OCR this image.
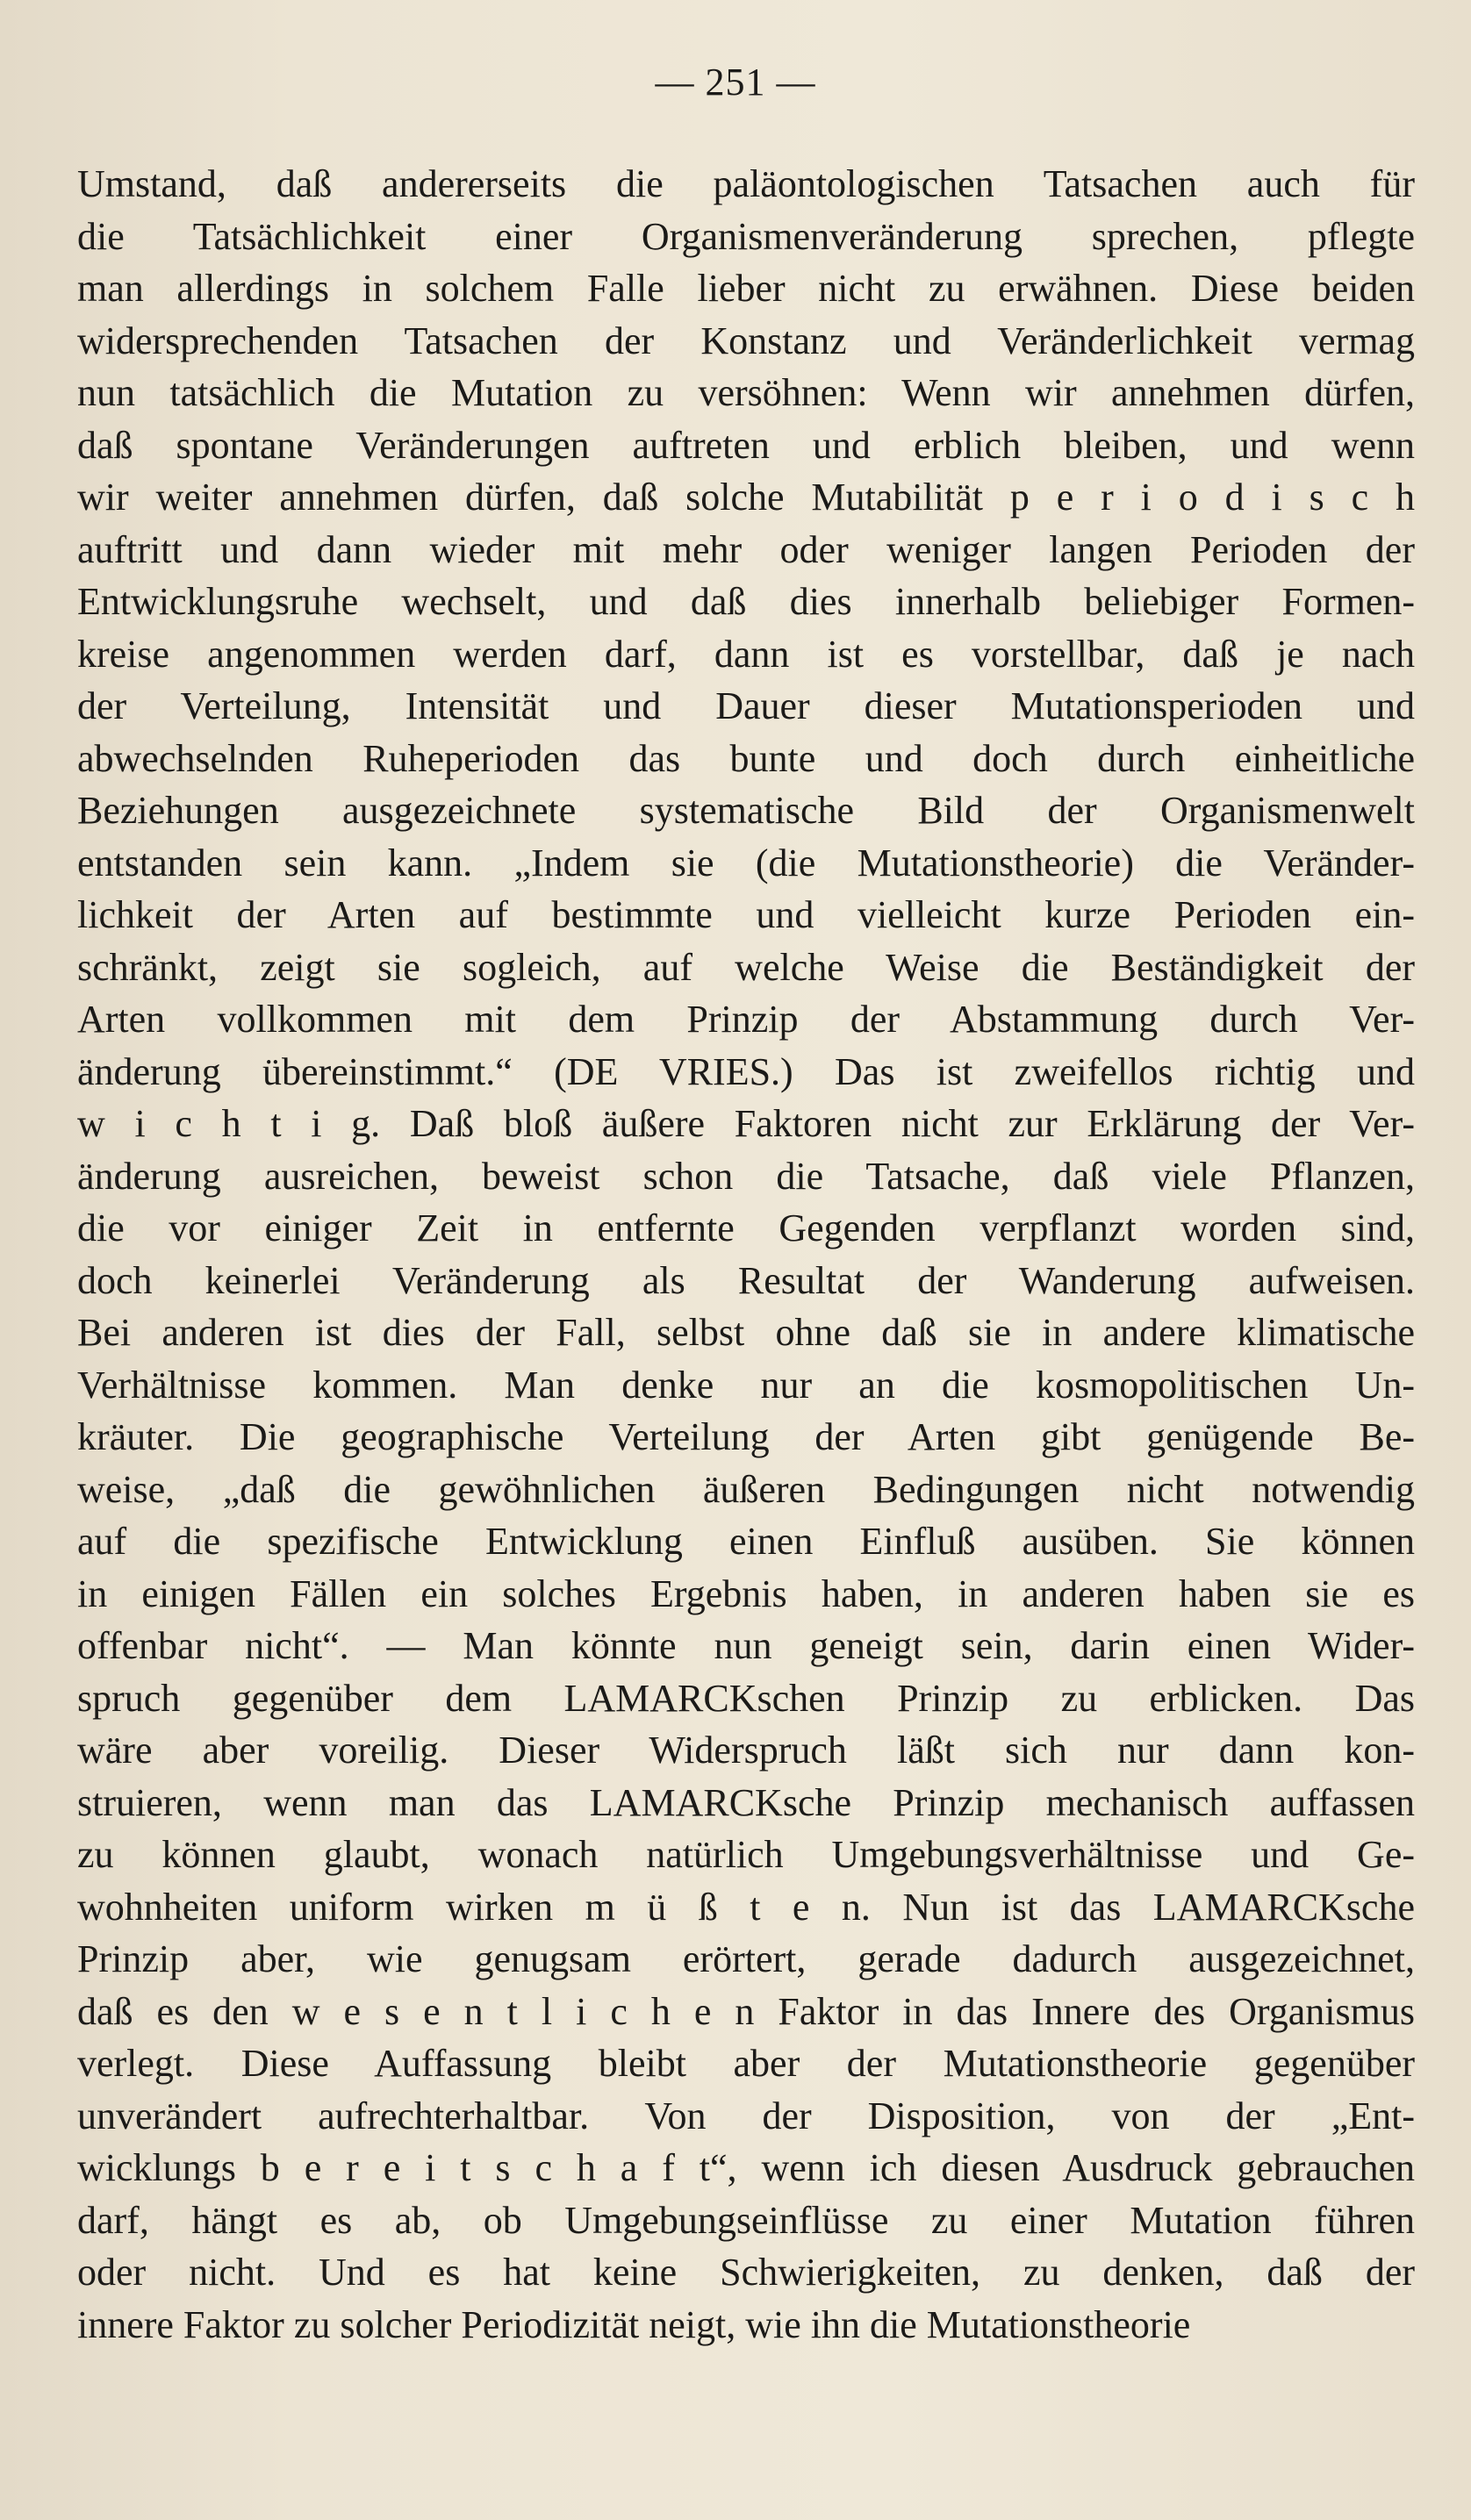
— 251 —
Umstand, daß andererseits die paläontologischen Tatsachen auch für
die Tatsächlichkeit einer Organismenveränderung sprechen, pflegte
man allerdings in solchem Falle lieber nicht zu erwähnen. Diese beiden
widersprechenden Tatsachen der Konstanz und Veränderlichkeit vermag
nun tatsächlich die Mutation zu versöhnen: Wenn wir annehmen dürfen,
daß spontane Veränderungen auftreten und erblich bleiben, und wenn
wir weiter annehmen dürfen, daß solche Mutabilität p e r i o d i s c h
auftritt und dann wieder mit mehr oder weniger langen Perioden der
Entwicklungsruhe wechselt, und daß dies innerhalb beliebiger Formen-
kreise angenommen werden darf, dann ist es vorstellbar, daß je nach
der Verteilung, Intensität und Dauer dieser Mutationsperioden und
abwechselnden Ruheperioden das bunte und doch durch einheitliche
Beziehungen ausgezeichnete systematische Bild der Organismenwelt
entstanden sein kann. „Indem sie (die Mutationstheorie) die Veränder-
lichkeit der Arten auf bestimmte und vielleicht kurze Perioden ein-
schränkt, zeigt sie sogleich, auf welche Weise die Beständigkeit der
Arten vollkommen mit dem Prinzip der Abstammung durch Ver-
änderung übereinstimmt.“ (DE VRIES.) Das ist zweifellos richtig und
w i c h t i g. Daß bloß äußere Faktoren nicht zur Erklärung der Ver-
änderung ausreichen, beweist schon die Tatsache, daß viele Pflanzen,
die vor einiger Zeit in entfernte Gegenden verpflanzt worden sind,
doch keinerlei Veränderung als Resultat der Wanderung aufweisen.
Bei anderen ist dies der Fall, selbst ohne daß sie in andere klimatische
Verhältnisse kommen. Man denke nur an die kosmopolitischen Un-
kräuter. Die geographische Verteilung der Arten gibt genügende Be-
weise, „daß die gewöhnlichen äußeren Bedingungen nicht notwendig
auf die spezifische Entwicklung einen Einfluß ausüben. Sie können
in einigen Fällen ein solches Ergebnis haben, in anderen haben sie es
offenbar nicht“. — Man könnte nun geneigt sein, darin einen Wider-
spruch gegenüber dem LAMARCKschen Prinzip zu erblicken. Das
wäre aber voreilig. Dieser Widerspruch läßt sich nur dann kon-
struieren, wenn man das LAMARCKsche Prinzip mechanisch auffassen
zu können glaubt, wonach natürlich Umgebungsverhältnisse und Ge-
wohnheiten uniform wirken m ü ß t e n. Nun ist das LAMARCKsche
Prinzip aber, wie genugsam erörtert, gerade dadurch ausgezeichnet,
daß es den w e s e n t l i c h e n Faktor in das Innere des Organismus
verlegt. Diese Auffassung bleibt aber der Mutationstheorie gegenüber
unverändert aufrechterhaltbar. Von der Disposition, von der „Ent-
wicklungs b e r e i t s c h a f t“, wenn ich diesen Ausdruck gebrauchen
darf, hängt es ab, ob Umgebungseinflüsse zu einer Mutation führen
oder nicht. Und es hat keine Schwierigkeiten, zu denken, daß der
innere Faktor zu solcher Periodizität neigt, wie ihn die Mutationstheorie
